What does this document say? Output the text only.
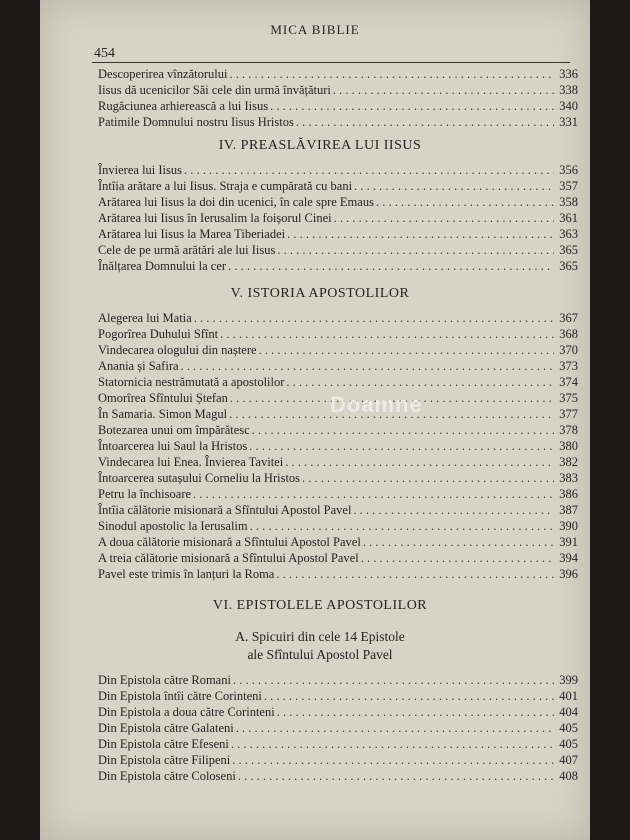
MICA BIBLIE
454
Descoperirea vînzătorului . . .	336
Iisus dă ucenicilor Săi cele din urmă învățături . . .	338
Rugăciunea arhierească a lui Iisus . . .	340
Patimile Domnului nostru Iisus Hristos . . .	331
IV. PREASLĂVIREA LUI IISUS
Învierea lui Iisus . . .	356
Întîia arătare a lui Iisus. Straja e cumpărată cu bani . . .	357
Arătarea lui Iisus la doi din ucenici, în cale spre Emaus . . .	358
Arătarea lui Iisus în Ierusalim la foișorul Cinei . . .	361
Arătarea lui Iisus la Marea Tiberiadei . . .	363
Cele de pe urmă arătări ale lui Iisus . . .	365
Înălțarea Domnului la cer . . .	365
V. ISTORIA APOSTOLILOR
Alegerea lui Matia . . .	367
Pogorîrea Duhului Sfînt . . .	368
Vindecarea ologului din naștere . . .	370
Anania și Safira . . .	373
Statornicia nestrămutată a apostolilor . . .	374
Omorîrea Sfîntului Ștefan . . .	375
În Samaria. Simon Magul . . .	377
Botezarea unui om împărătesc . . .	378
Întoarcerea lui Saul la Hristos . . .	380
Vindecarea lui Enea. Învierea Tavitei . . .	382
Întoarcerea sutașului Corneliu la Hristos . . .	383
Petru la închisoare . . .	386
Întîia călătorie misionară a Sfîntului Apostol Pavel . . .	387
Sinodul apostolic la Ierusalim . . .	390
A doua călătorie misionară a Sfîntului Apostol Pavel . . .	391
A treia călătorie misionară a Sfîntului Apostol Pavel . . .	394
Pavel este trimis în lanțuri la Roma . . .	396
VI. EPISTOLELE APOSTOLILOR
A. Spicuiri din cele 14 Epistole
ale Sfîntului Apostol Pavel
Din Epistola către Romani . . .	399
Din Epistola întîi către Corinteni . . .	401
Din Epistola a doua către Corinteni . . .	404
Din Epistola către Galateni . . .	405
Din Epistola către Efeseni . . .	405
Din Epistola către Filipeni . . .	407
Din Epistola către Coloseni . . .	408
Doamne
